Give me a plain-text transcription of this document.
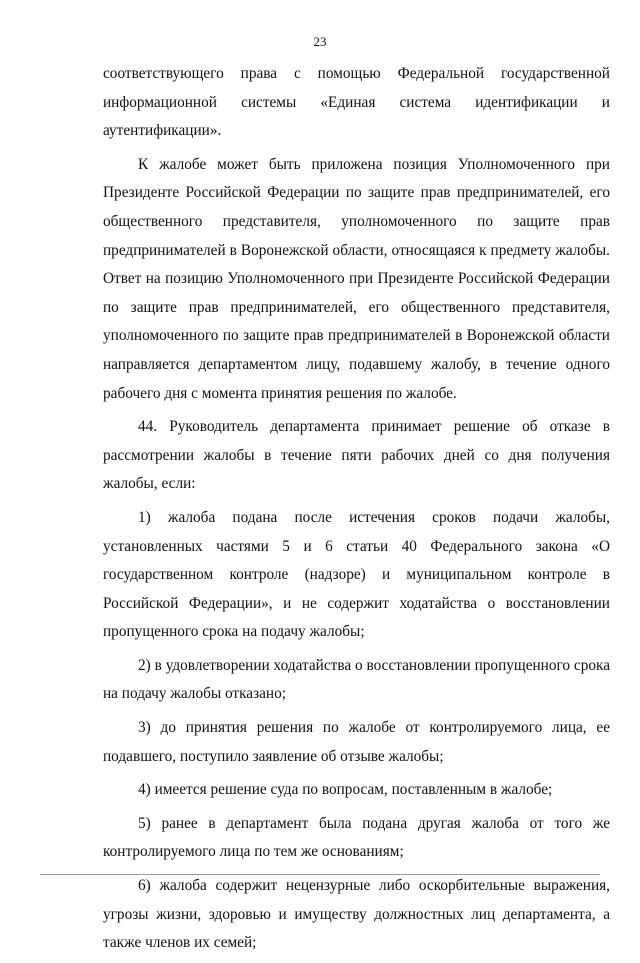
23

соответствующего права с помощью Федеральной государственной информационной системы «Единая система идентификации и аутентификации».

К жалобе может быть приложена позиция Уполномоченного при Президенте Российской Федерации по защите прав предпринимателей, его общественного представителя, уполномоченного по защите прав предпринимателей в Воронежской области, относящаяся к предмету жалобы. Ответ на позицию Уполномоченного при Президенте Российской Федерации по защите прав предпринимателей, его общественного представителя, уполномоченного по защите прав предпринимателей в Воронежской области направляется департаментом лицу, подавшему жалобу, в течение одного рабочего дня с момента принятия решения по жалобе.

44. Руководитель департамента принимает решение об отказе в рассмотрении жалобы в течение пяти рабочих дней со дня получения жалобы, если:

1) жалоба подана после истечения сроков подачи жалобы, установленных частями 5 и 6 статьи 40 Федерального закона «О государственном контроле (надзоре) и муниципальном контроле в Российской Федерации», и не содержит ходатайства о восстановлении пропущенного срока на подачу жалобы;

2) в удовлетворении ходатайства о восстановлении пропущенного срока на подачу жалобы отказано;

3) до принятия решения по жалобе от контролируемого лица, ее подавшего, поступило заявление об отзыве жалобы;

4) имеется решение суда по вопросам, поставленным в жалобе;

5) ранее в департамент была подана другая жалоба от того же контролируемого лица по тем же основаниям;

6) жалоба содержит нецензурные либо оскорбительные выражения, угрозы жизни, здоровью и имуществу должностных лиц департамента, а также членов их семей;
